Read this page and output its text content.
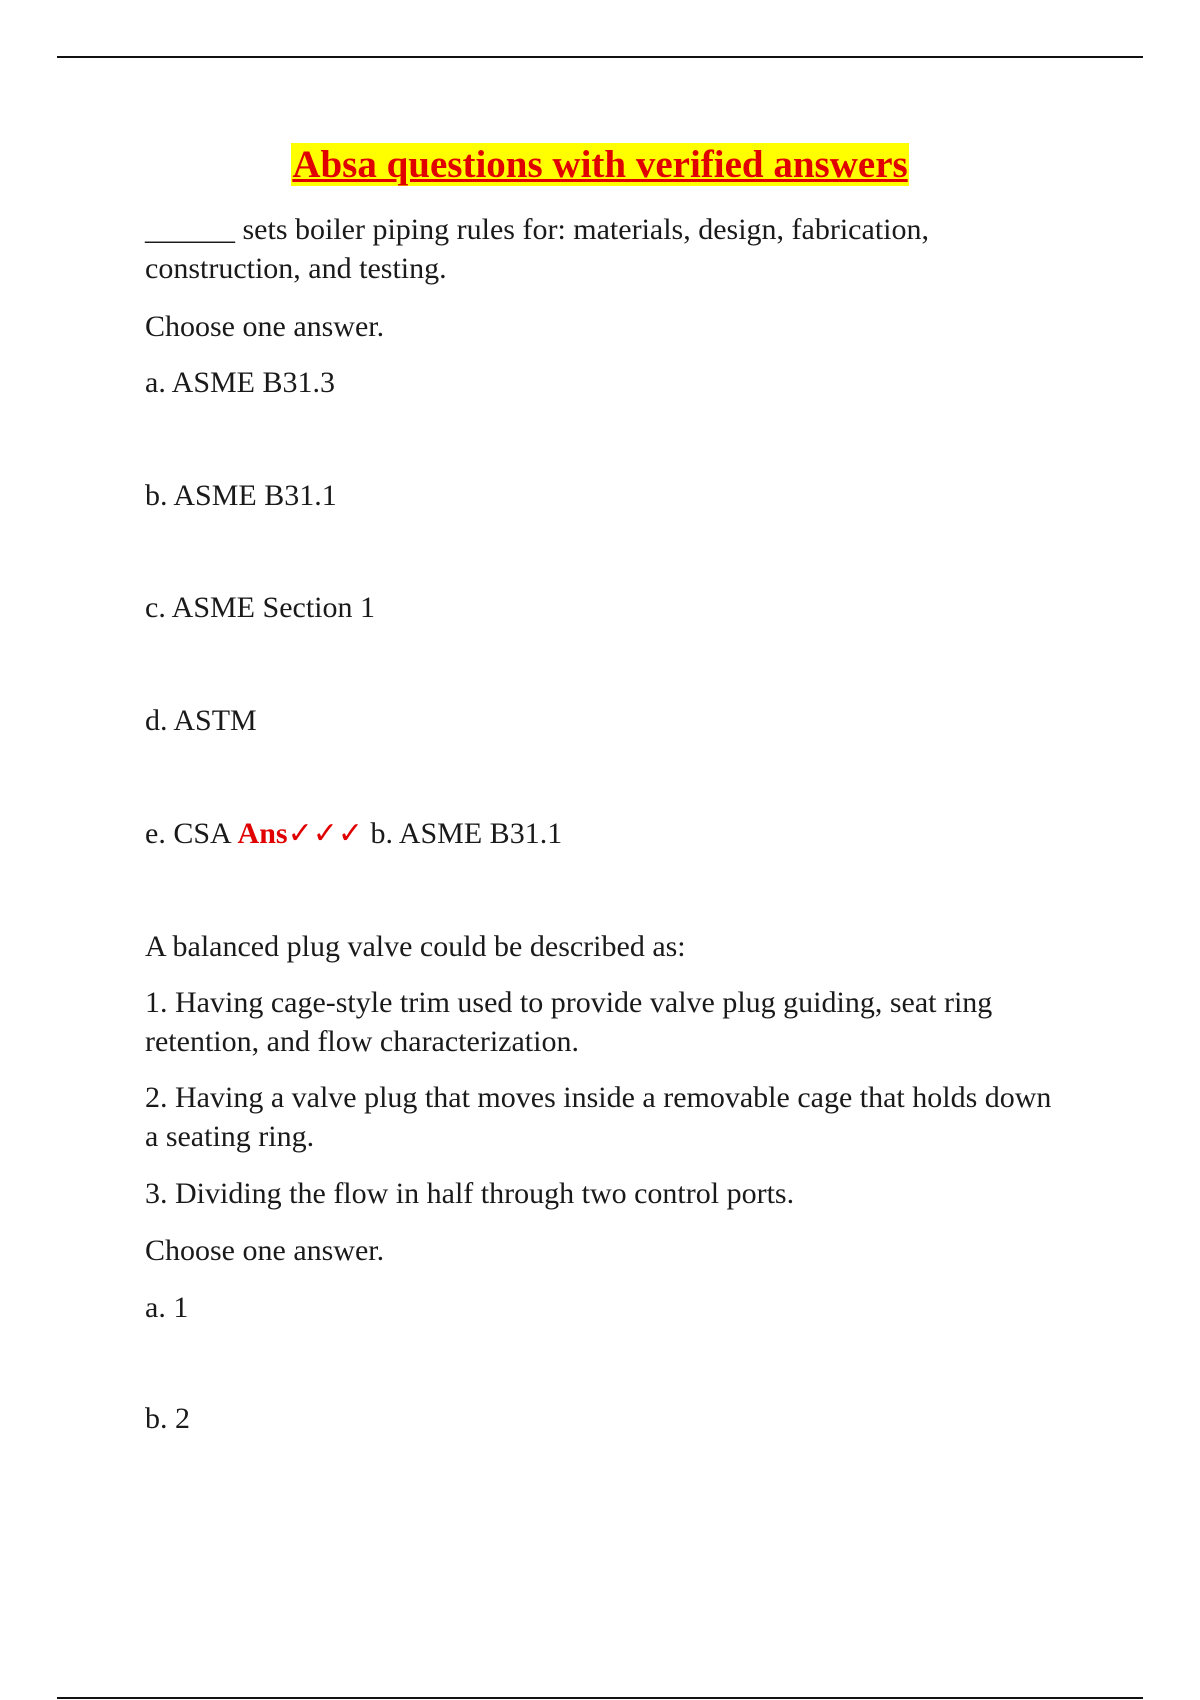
Absa questions with verified answers
______ sets boiler piping rules for: materials, design, fabrication, construction, and testing.
Choose one answer.
a. ASME B31.3
b. ASME B31.1
c. ASME Section 1
d. ASTM
e. CSA Ans✓✓✓ b. ASME B31.1
A balanced plug valve could be described as:
1. Having cage-style trim used to provide valve plug guiding, seat ring retention, and flow characterization.
2. Having a valve plug that moves inside a removable cage that holds down a seating ring.
3. Dividing the flow in half through two control ports.
Choose one answer.
a. 1
b. 2
